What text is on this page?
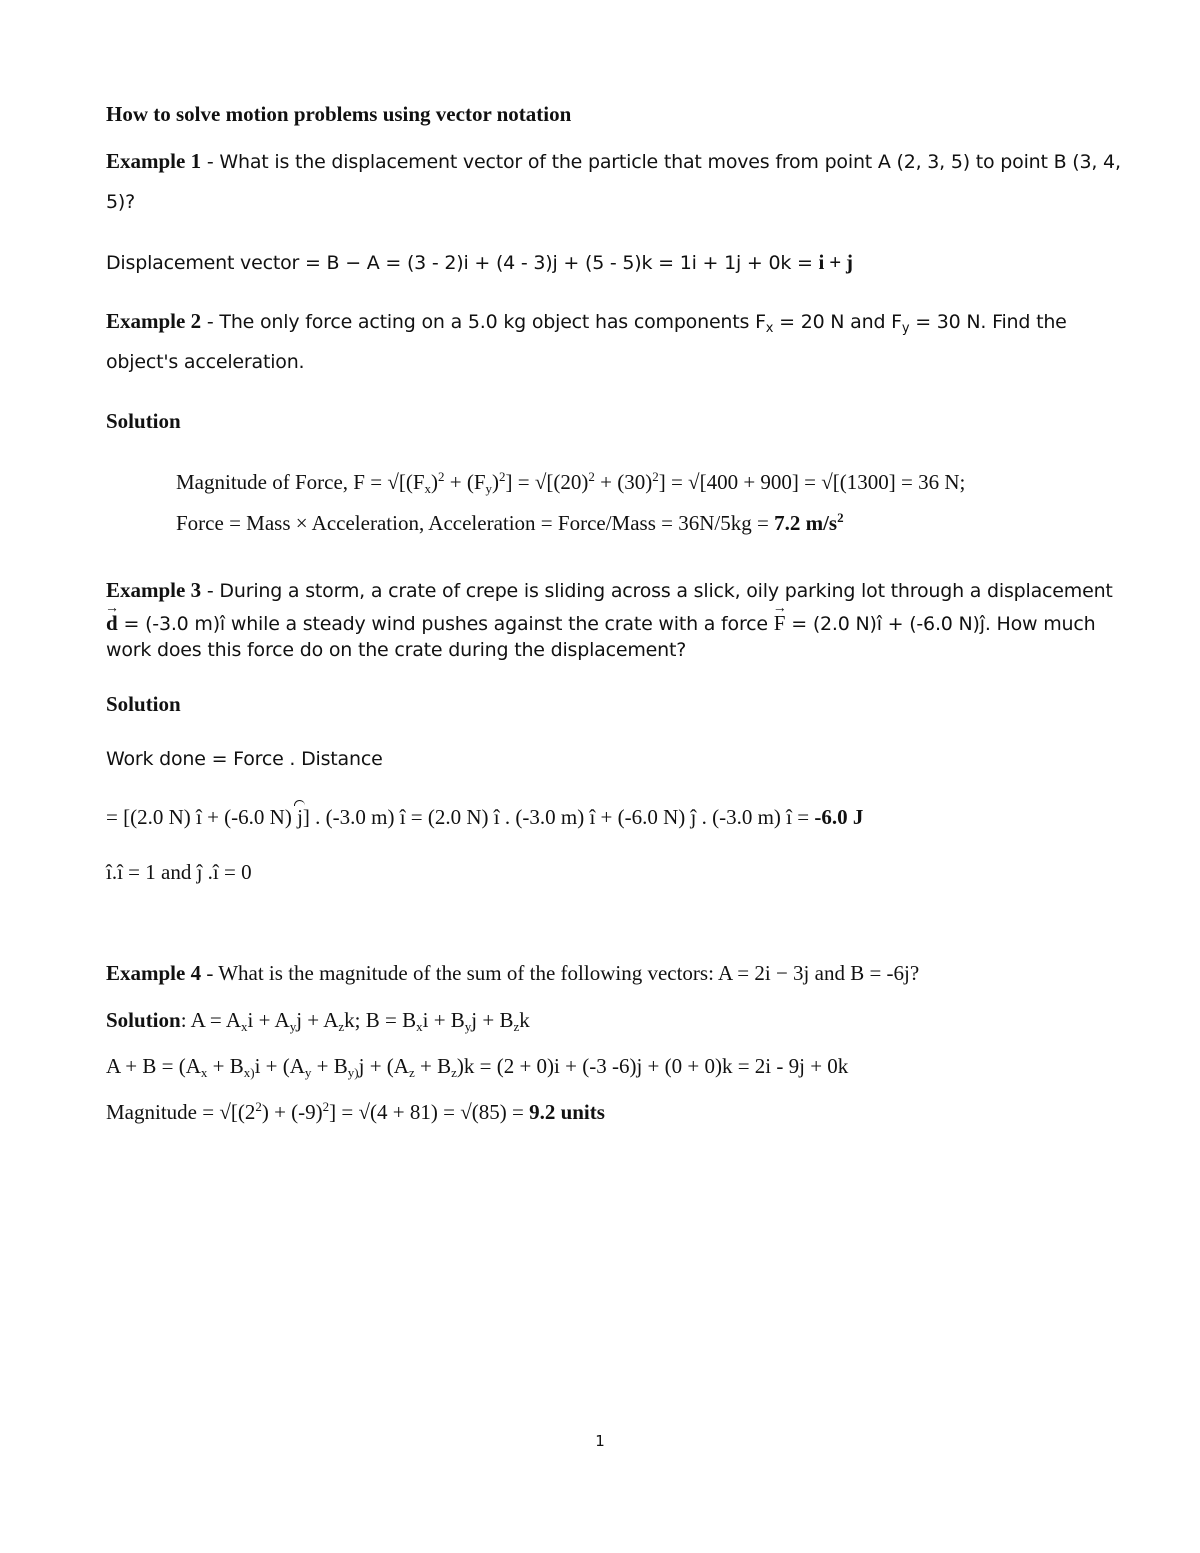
How to solve motion problems using vector notation
Example 1 - What is the displacement vector of the particle that moves from point A (2, 3, 5) to point B (3, 4,
5)?
Displacement vector = B − A = (3 - 2)i + (4 - 3)j + (5 - 5)k = 1i + 1j + 0k = i + j
Example 2 - The only force acting on a 5.0 kg object has components $F_x = 20$ N and $F_y = 30$ N. Find the
object's acceleration.
Solution
Magnitude of Force, $F = √[(F_x)^2 + (F_y)^2] = √[(20)^2 + (30)^2] = √[400 + 900] = √[(1300] = 36$ N;
Force = Mass × Acceleration, Acceleration = Force/Mass = 36N/5kg = 7.2 $m/s^2$
Example 3 - During a storm, a crate of crepe is sliding across a slick, oily parking lot through a displacement
d → = (-3.0 m)î while a steady wind pushes against the crate with a force F → = (2.0 N)î + (-6.0 N)ĵ. How much
work does this force do on the crate during the displacement?
Solution
Work done = Force . Distance
= [(2.0 N) î + (-6.0 N) j] . (-3.0 m) î = (2.0 N) î . (-3.0 m) î + (-6.0 N) ĵ . (-3.0 m) î = -6.0 J
î.î = 1 and ĵ .î = 0
Example 4 - What is the magnitude of the sum of the following vectors: A = 2i − 3j and B = -6j?
Solution: $A = A_xi + A_yj + A_zk$; $B = B_xi + B_yj + B_zk$
$A + B = (A_x + B_{x)}i + (A_y + B_{y)}j + (A_z + B_z)k = (2 + 0)i + (-3$ -6)j + (0 + 0)k = 2i - 9j + 0k
Magnitude = $√[(2^2) + (-9)^2] = √(4 + 81) = √(85) = 9.2$ units
1
